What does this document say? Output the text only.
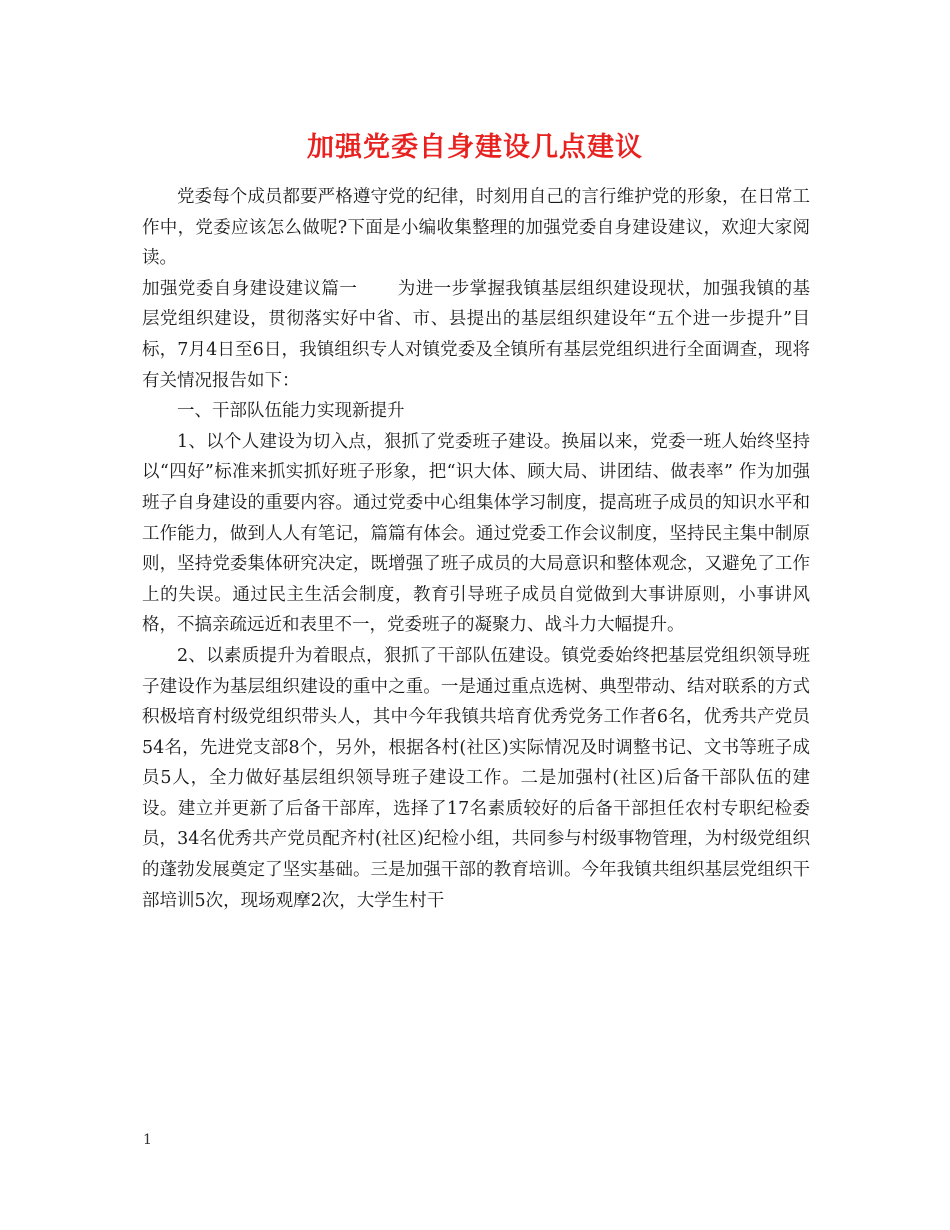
加强党委自身建设几点建议

党委每个成员都要严格遵守党的纪律，时刻用自己的言行维护党的形象，在日常工作中，党委应该怎么做呢?下面是小编收集整理的加强党委自身建设建议，欢迎大家阅读。

加强党委自身建设建议篇一 为进一步掌握我镇基层组织建设现状，加强我镇的基层党组织建设，贯彻落实好中省、市、县提出的基层组织建设年“五个进一步提升”目标，7月4日至6日，我镇组织专人对镇党委及全镇所有基层党组织进行全面调查，现将有关情况报告如下：

一、干部队伍能力实现新提升

1、以个人建设为切入点，狠抓了党委班子建设。换届以来，党委一班人始终坚持以“四好”标准来抓实抓好班子形象，把“识大体、顾大局、讲团结、做表率” 作为加强班子自身建设的重要内容。通过党委中心组集体学习制度，提高班子成员的知识水平和工作能力，做到人人有笔记，篇篇有体会。通过党委工作会议制度，坚持民主集中制原则，坚持党委集体研究决定，既增强了班子成员的大局意识和整体观念，又避免了工作上的失误。通过民主生活会制度，教育引导班子成员自觉做到大事讲原则，小事讲风格，不搞亲疏远近和表里不一，党委班子的凝聚力、战斗力大幅提升。

2、以素质提升为着眼点，狠抓了干部队伍建设。镇党委始终把基层党组织领导班子建设作为基层组织建设的重中之重。一是通过重点选树、典型带动、结对联系的方式积极培育村级党组织带头人，其中今年我镇共培育优秀党务工作者6名，优秀共产党员54名，先进党支部8个，另外，根据各村(社区)实际情况及时调整书记、文书等班子成员5人，全力做好基层组织领导班子建设工作。二是加强村(社区)后备干部队伍的建设。建立并更新了后备干部库，选择了17名素质较好的后备干部担任农村专职纪检委员，34名优秀共产党员配齐村(社区)纪检小组，共同参与村级事物管理，为村级党组织的蓬勃发展奠定了坚实基础。三是加强干部的教育培训。今年我镇共组织基层党组织干部培训5次，现场观摩2次，大学生村干

1
